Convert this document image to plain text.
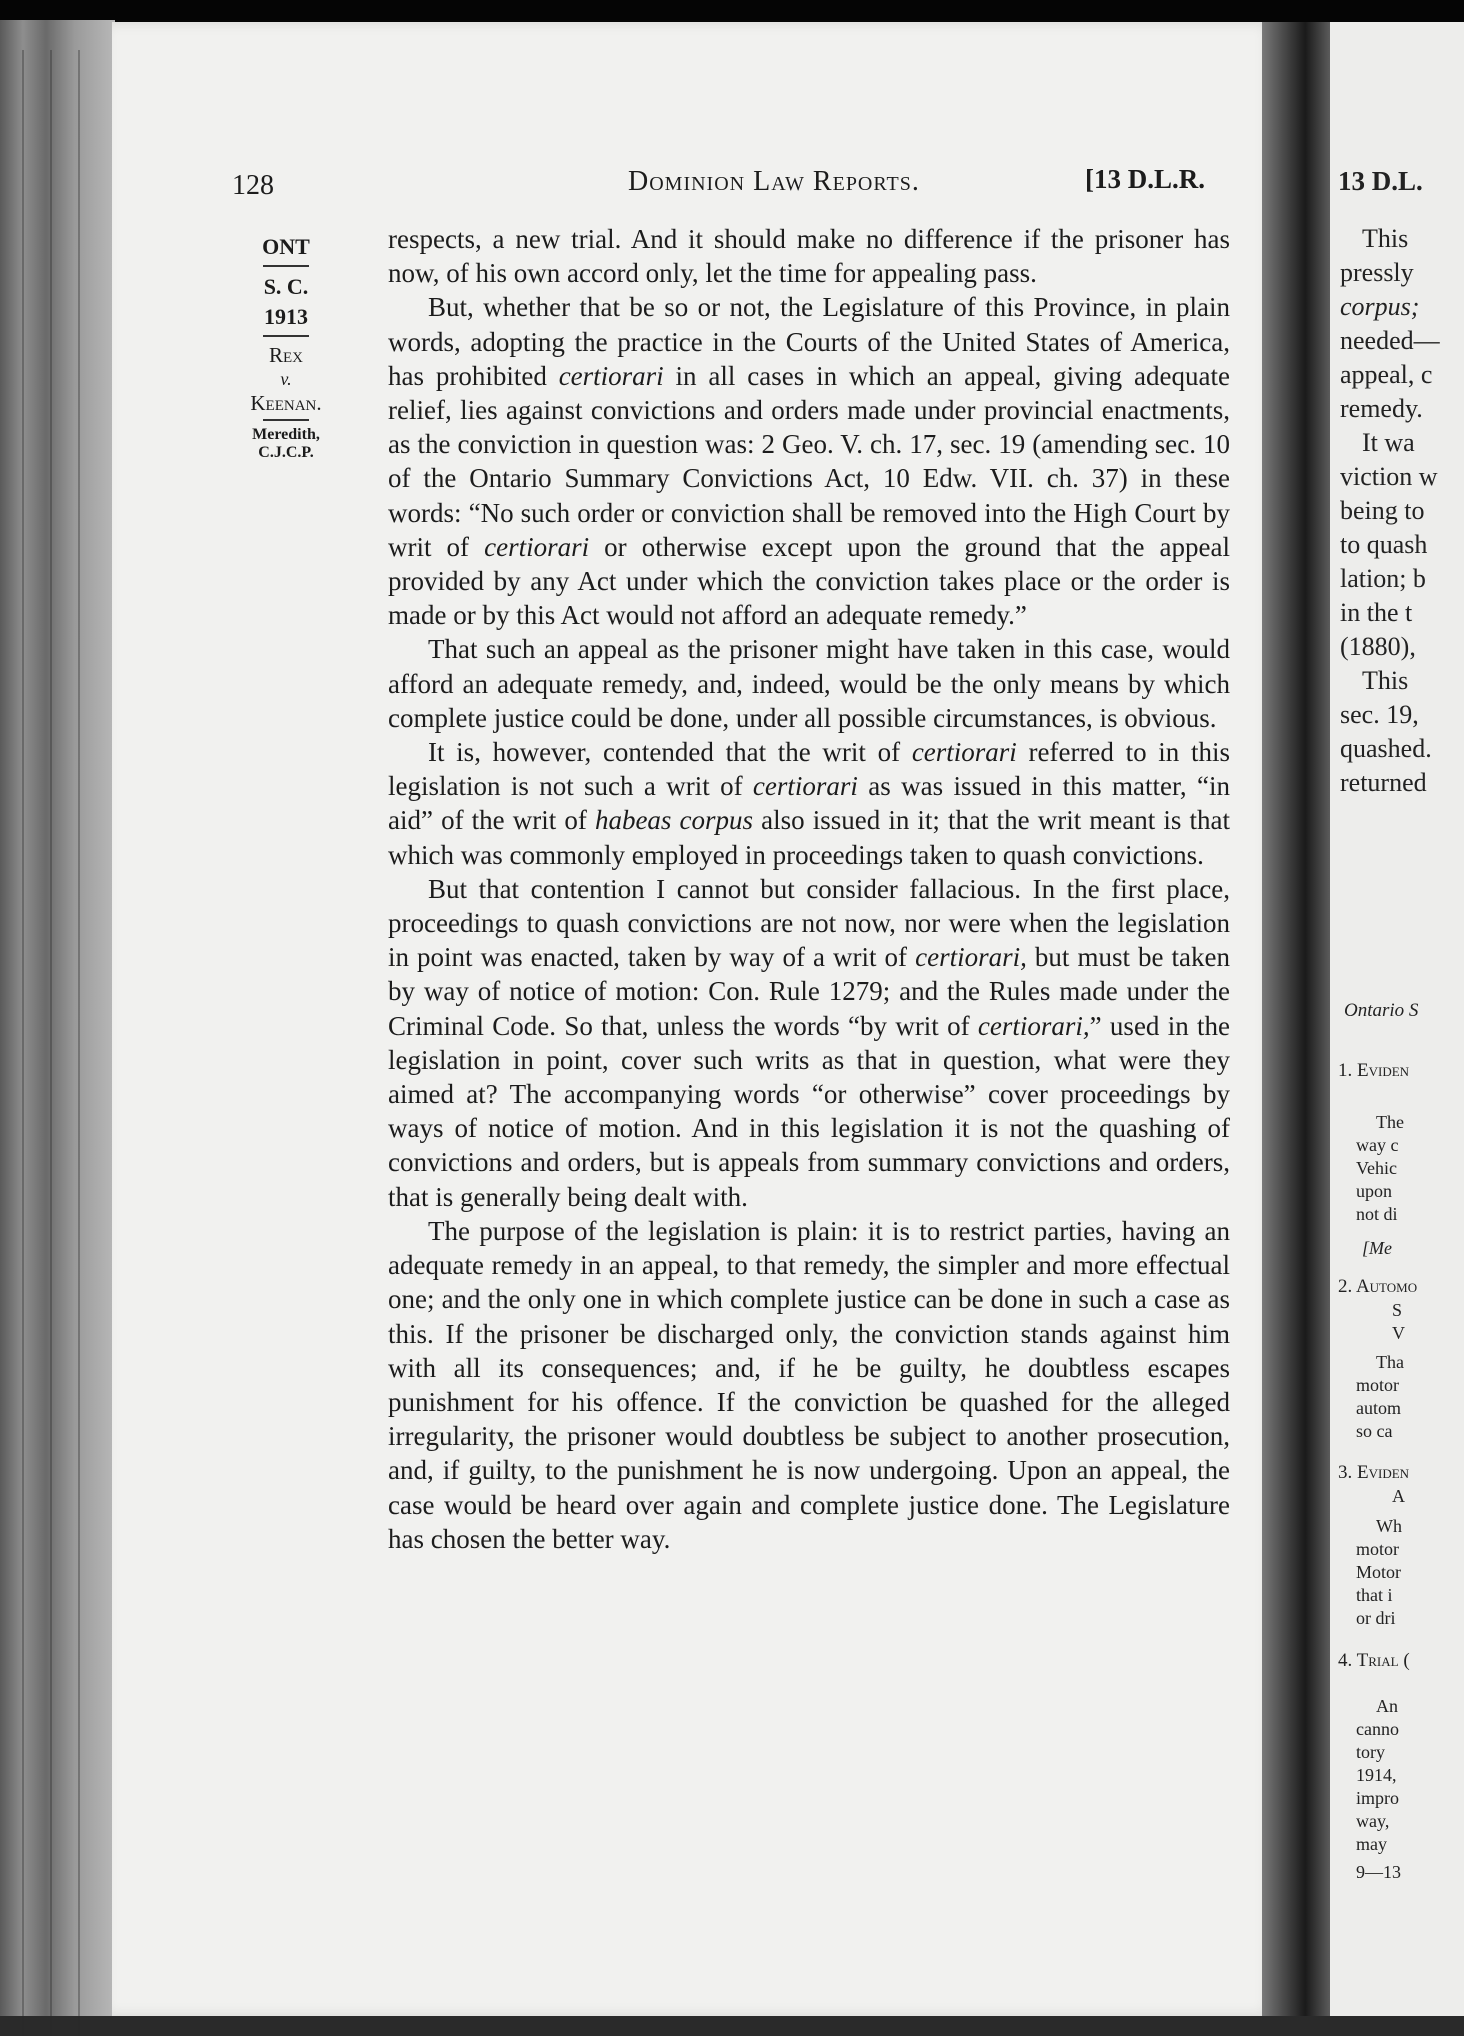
128	Dominion Law Reports.	[13 D.L.R.
ONT
S. C.
1913
Rex
v.
Keenan.
Meredith,
C.J.C.P.

respects, a new trial. And it should make no difference if the prisoner has now, of his own accord only, let the time for appealing pass.

But, whether that be so or not, the Legislature of this Province, in plain words, adopting the practice in the Courts of the United States of America, has prohibited certiorari in all cases in which an appeal, giving adequate relief, lies against convictions and orders made under provincial enactments, as the conviction in question was: 2 Geo. V. ch. 17, sec. 19 (amending sec. 10 of the Ontario Summary Convictions Act, 10 Edw. VII. ch. 37) in these words: “No such order or conviction shall be removed into the High Court by writ of certiorari or otherwise except upon the ground that the appeal provided by any Act under which the conviction takes place or the order is made or by this Act would not afford an adequate remedy.”

That such an appeal as the prisoner might have taken in this case, would afford an adequate remedy, and, indeed, would be the only means by which complete justice could be done, under all possible circumstances, is obvious.

It is, however, contended that the writ of certiorari referred to in this legislation is not such a writ of certiorari as was issued in this matter, “in aid” of the writ of habeas corpus also issued in it; that the writ meant is that which was commonly employed in proceedings taken to quash convictions.

But that contention I cannot but consider fallacious. In the first place, proceedings to quash convictions are not now, nor were when the legislation in point was enacted, taken by way of a writ of certiorari, but must be taken by way of notice of motion: Con. Rule 1279; and the Rules made under the Criminal Code. So that, unless the words “by writ of certiorari,” used in the legislation in point, cover such writs as that in question, what were they aimed at? The accompanying words “or otherwise” cover proceedings by ways of notice of motion. And in this legislation it is not the quashing of convictions and orders, but is appeals from summary convictions and orders, that is generally being dealt with.

The purpose of the legislation is plain: it is to restrict parties, having an adequate remedy in an appeal, to that remedy, the simpler and more effectual one; and the only one in which complete justice can be done in such a case as this. If the prisoner be discharged only, the conviction stands against him with all its consequences; and, if he be guilty, he doubtless escapes punishment for his offence. If the conviction be quashed for the alleged irregularity, the prisoner would doubtless be subject to another prosecution, and, if guilty, to the punishment he is now undergoing. Upon an appeal, the case would be heard over again and complete justice done. The Legislature has chosen the better way.

13 D.L.
This
pressly
corpus;
needed—
appeal, c
remedy.
It wa
viction w
being to
to quash
lation; b
in the t
(1880),
This
sec. 19,
quashed.
returned
Ontario S
1. Eviden
The
way c
Vehic
upon
not di
[Me
2. Automo
S
V
Tha
motor
autom
so ca
3. Eviden
A
Wh
motor
Motor
that i
or dri
4. Trial (
An
canno
tory
1914,
impro
way,
may
9—13
